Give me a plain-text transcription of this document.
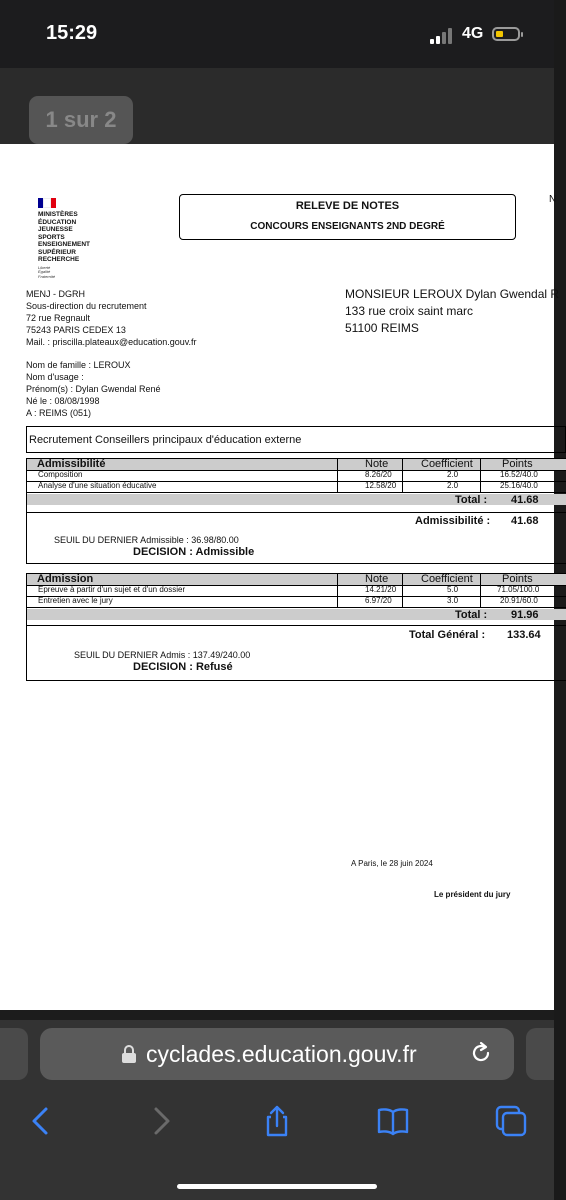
15:29	4G
1 sur 2
MINISTÈRES
ÉDUCATION
JEUNESSE
SPORTS
ENSEIGNEMENT
SUPÉRIEUR
RECHERCHE
Liberté
Égalité
Fraternité
RELEVE DE NOTES
CONCOURS ENSEIGNANTS 2ND DEGRÉ
N
MENJ - DGRH
Sous-direction du recrutement
72 rue Regnault
75243 PARIS CEDEX 13
Mail. : priscilla.plateaux@education.gouv.fr
MONSIEUR LEROUX Dylan Gwendal R
133 rue croix saint marc
51100 REIMS
Nom de famille : LEROUX
Nom d'usage :
Prénom(s) : Dylan Gwendal René
Né le : 08/08/1998
A : REIMS (051)
Recrutement Conseillers principaux d'éducation externe
Admissibilité	Note	Coefficient	Points
Composition	8.26/20	2.0	16.52/40.0
Analyse d'une situation éducative	12.58/20	2.0	25.16/40.0
Total : 41.68
Admissibilité : 41.68
SEUIL DU DERNIER Admissible : 36.98/80.00
DECISION : Admissible
Admission	Note	Coefficient	Points
Epreuve à partir d'un sujet et d'un dossier	14.21/20	5.0	71.05/100.0
Entretien avec le jury	6.97/20	3.0	20.91/60.0
Total : 91.96
Total Général : 133.64
SEUIL DU DERNIER Admis : 137.49/240.00
DECISION : Refusé
A Paris, le 28 juin 2024
Le président du jury
cyclades.education.gouv.fr
